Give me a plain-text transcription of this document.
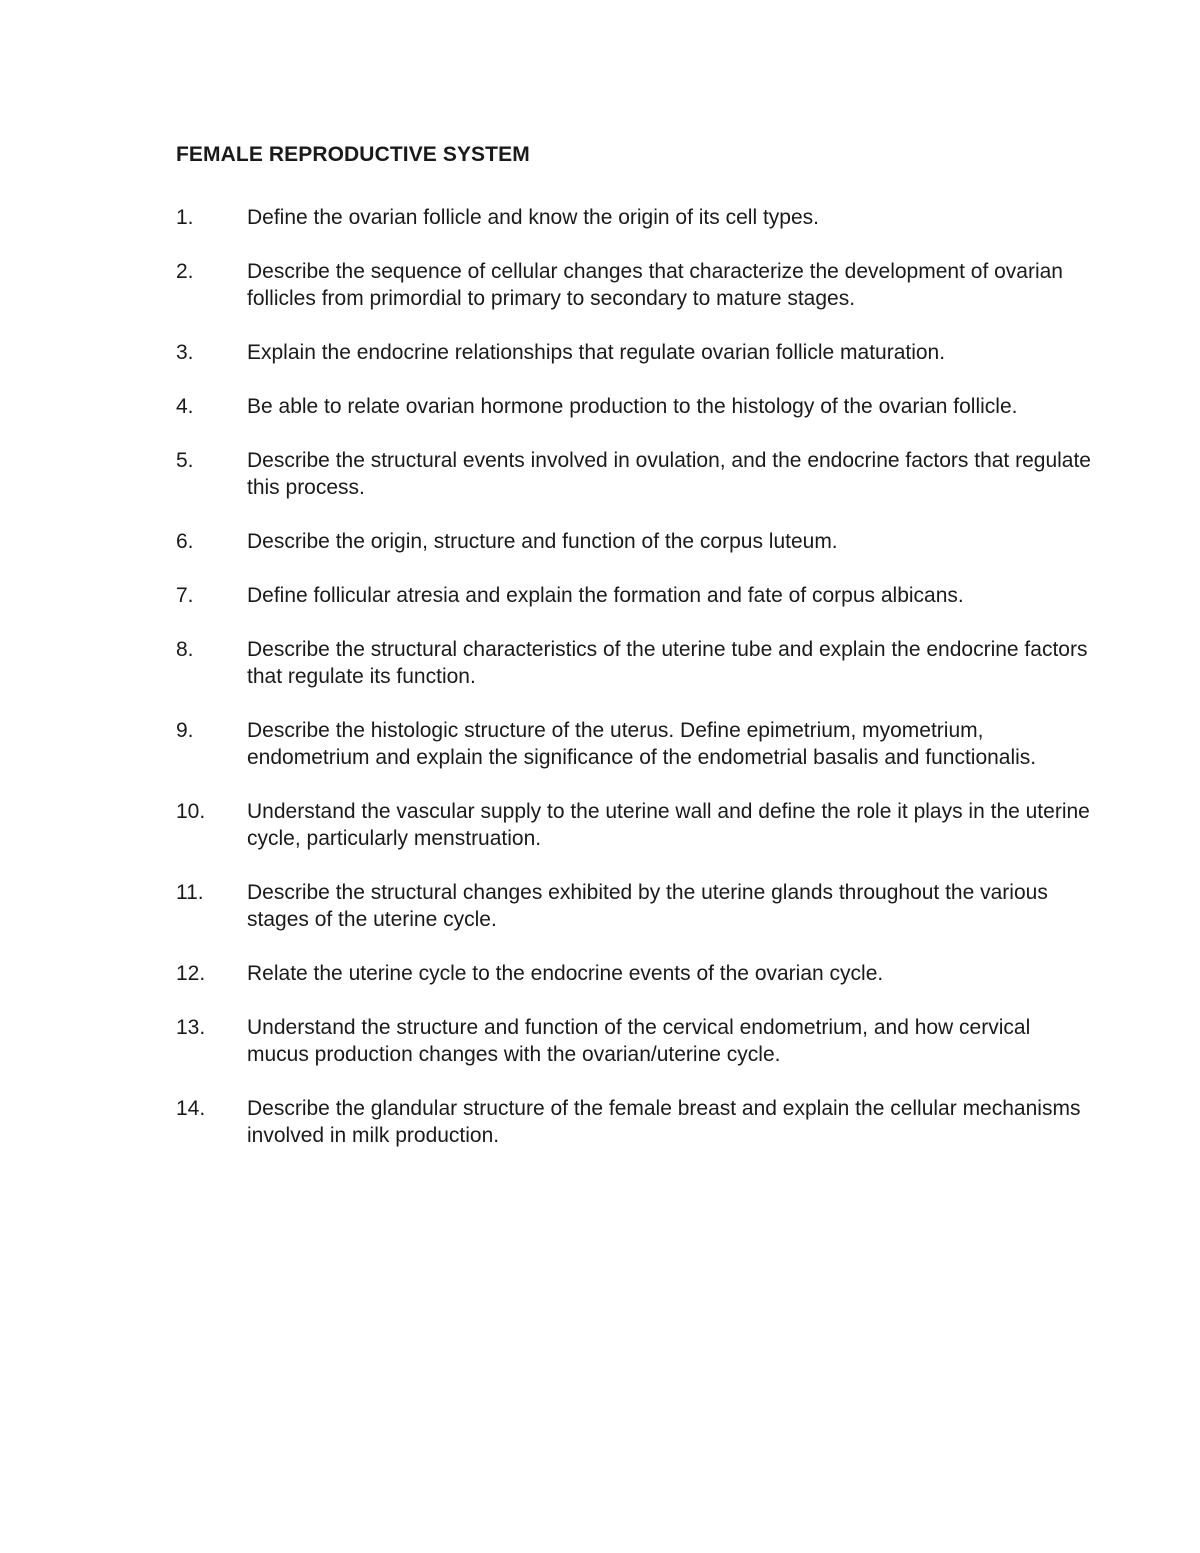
FEMALE REPRODUCTIVE SYSTEM
1.	Define the ovarian follicle and know the origin of its cell types.
2.	Describe the sequence of cellular changes that characterize the development of ovarian follicles from primordial to primary to secondary to mature stages.
3.	Explain the endocrine relationships that regulate ovarian follicle maturation.
4.	Be able to relate ovarian hormone production to the histology of the ovarian follicle.
5.	Describe the structural events involved in ovulation, and the endocrine factors that regulate this process.
6.	Describe the origin, structure and function of the corpus luteum.
7.	Define follicular atresia and explain the formation and fate of corpus albicans.
8.	Describe the structural characteristics of the uterine tube and explain the endocrine factors that regulate its function.
9.	Describe the histologic structure of the uterus. Define epimetrium, myometrium, endometrium and explain the significance of the endometrial basalis and functionalis.
10.	Understand the vascular supply to the uterine wall and define the role it plays in the uterine cycle, particularly menstruation.
11.	Describe the structural changes exhibited by the uterine glands throughout the various stages of the uterine cycle.
12.	Relate the uterine cycle to the endocrine events of the ovarian cycle.
13.	Understand the structure and function of the cervical endometrium, and how cervical mucus production changes with the ovarian/uterine cycle.
14.	Describe the glandular structure of the female breast and explain the cellular mechanisms involved in milk production.
